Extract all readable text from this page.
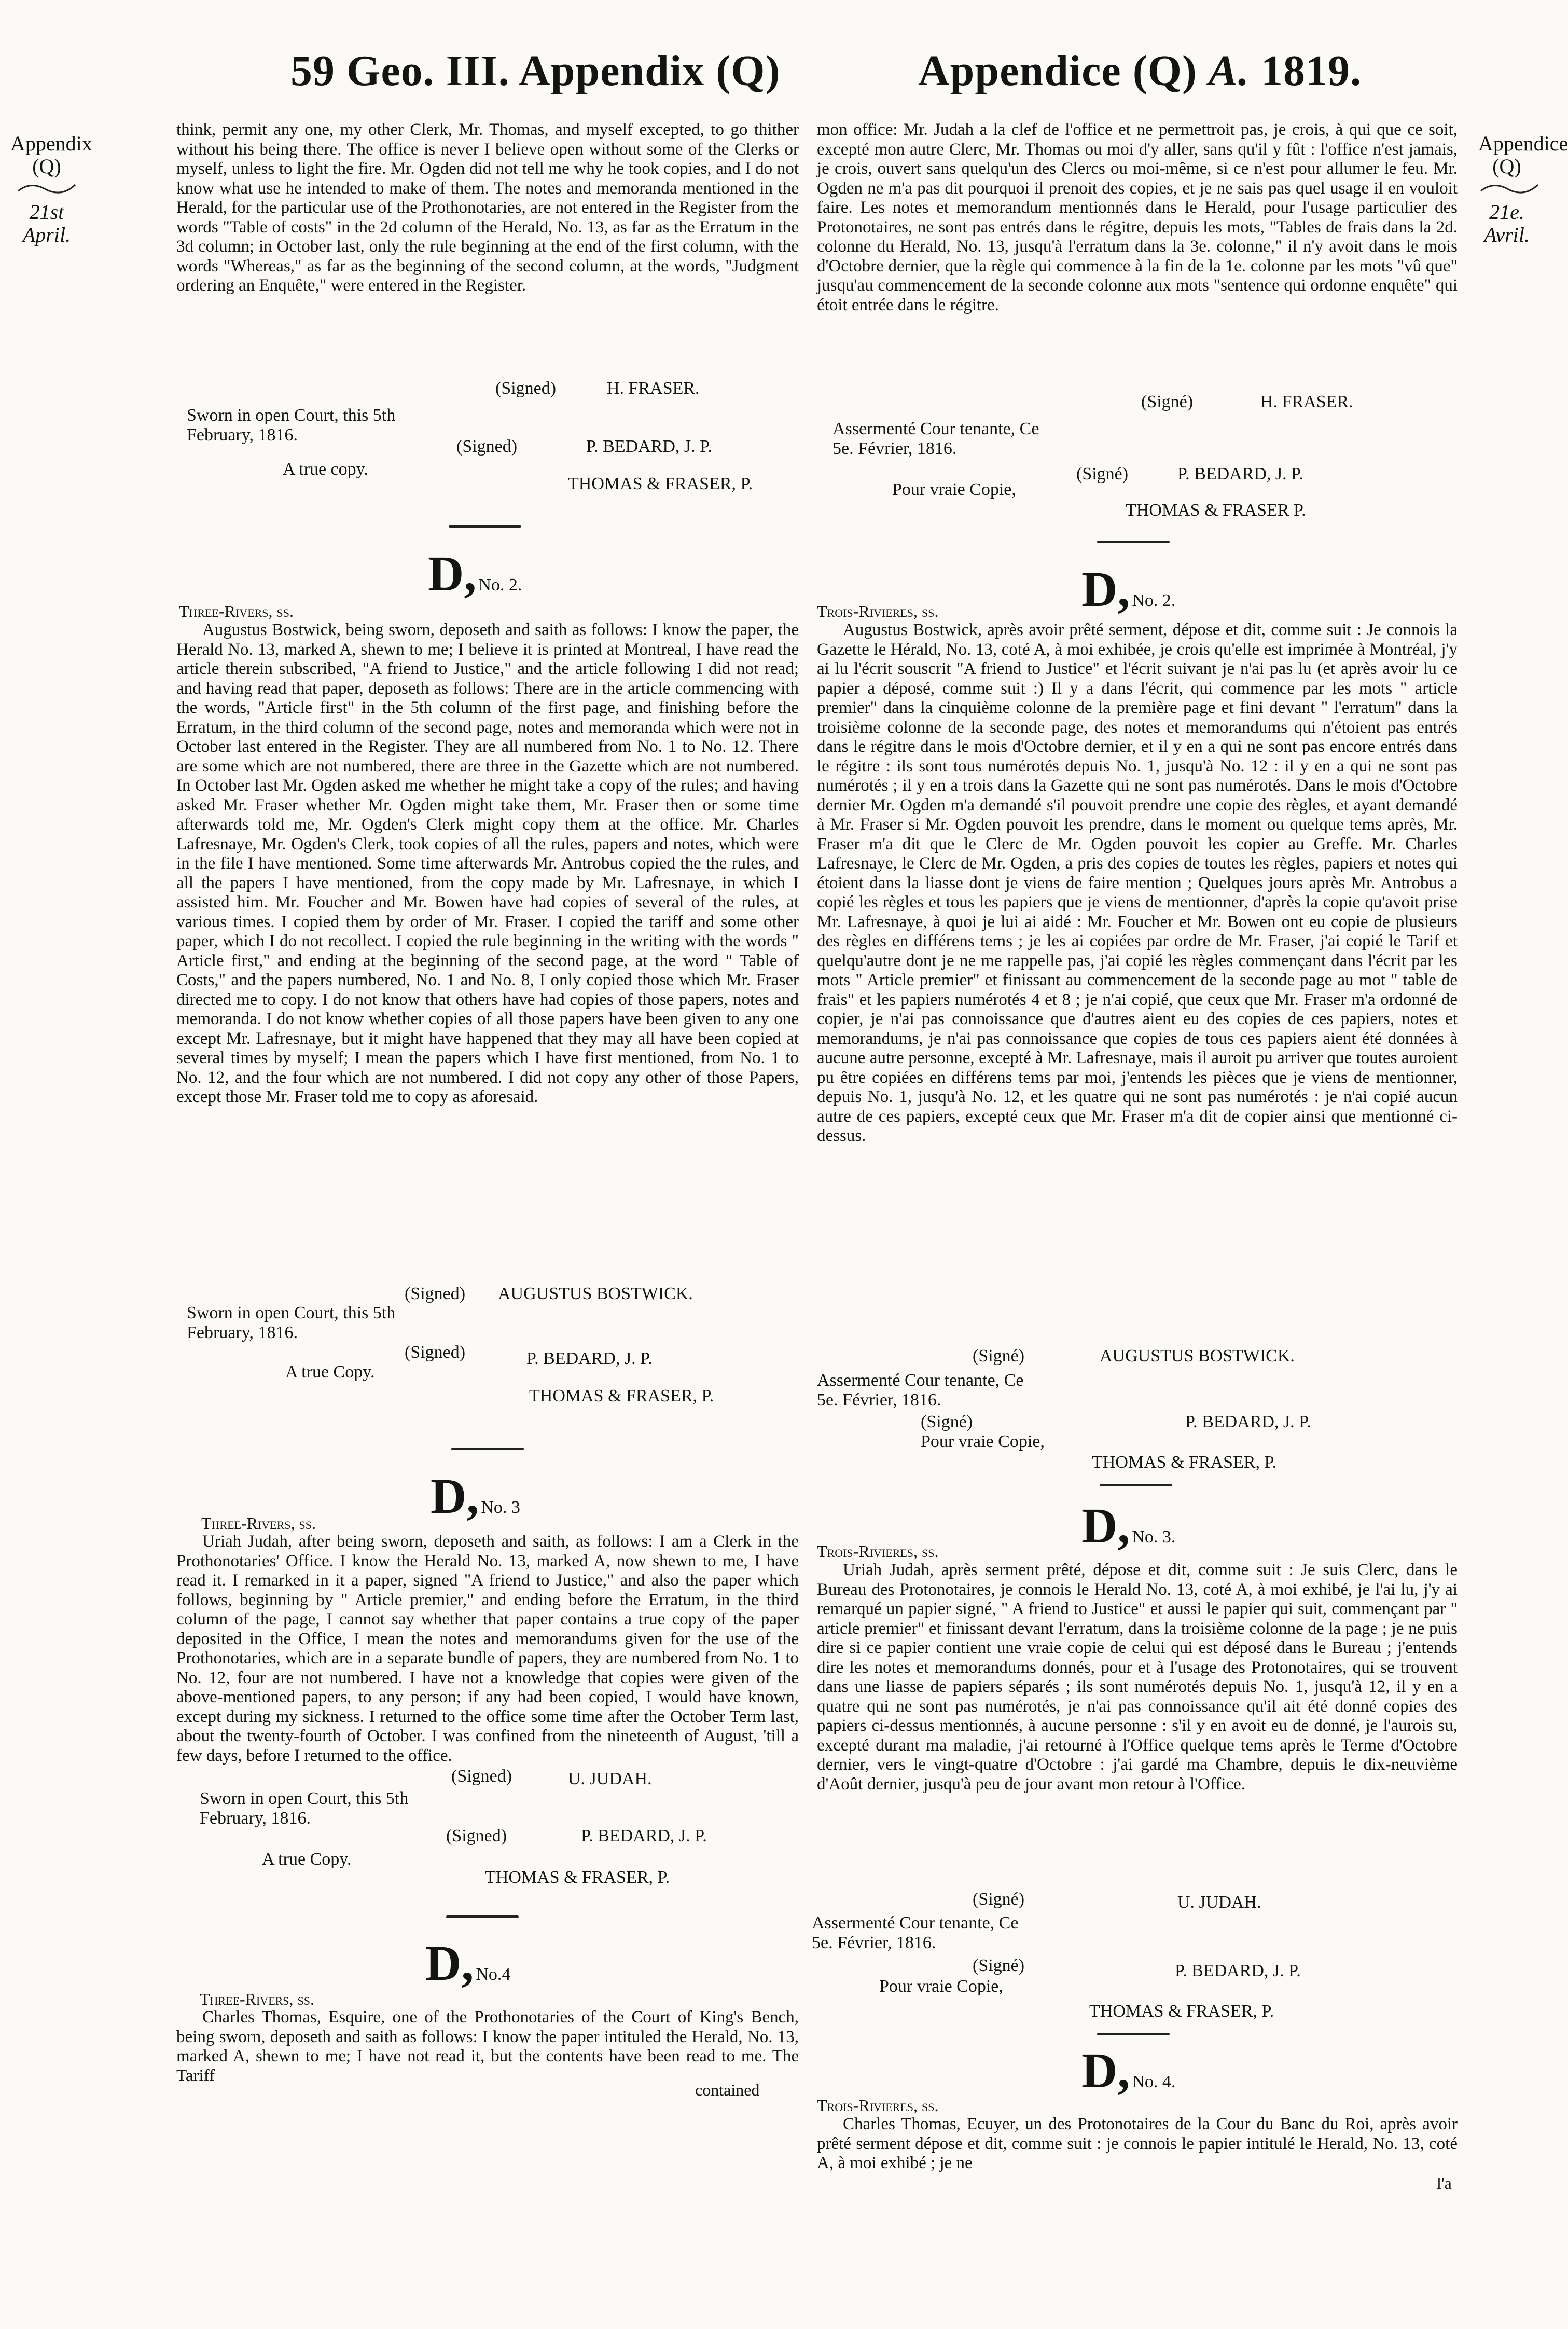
59 Geo. III. Appendix (Q)	Appendice (Q) A. 1819.
Appendix
(Q)
21st April.
Appendice
(Q)
21e. Avril.

think, permit any one, my other Clerk, Mr. Thomas, and myself excepted, to go thither without his being there. The office is never I believe open without some of the Clerks or myself, unless to light the fire. Mr. Ogden did not tell me why he took copies, and I do not know what use he intended to make of them. The notes and memoranda mentioned in the Herald, for the particular use of the Prothonotaries, are not entered in the Register from the words "Table of costs" in the 2d column of the Herald, No. 13, as far as the Erratum in the 3d column; in October last, only the rule beginning at the end of the first column, with the words "Whereas," as far as the beginning of the second column, at the words, "Judgment ordering an Enquête," were entered in the Register.

mon office: Mr. Judah a la clef de l'office et ne permettroit pas, je crois, à qui que ce soit, excepté mon autre Clerc, Mr. Thomas ou moi d'y aller, sans qu'il y fût : l'office n'est jamais, je crois, ouvert sans quelqu'un des Clercs ou moi-même, si ce n'est pour allumer le feu. Mr. Ogden ne m'a pas dit pourquoi il prenoit des copies, et je ne sais pas quel usage il en vouloit faire. Les notes et memorandum mentionnés dans le Herald, pour l'usage particulier des Protonotaires, ne sont pas entrés dans le régitre, depuis les mots, "Tables de frais dans la 2d. colonne du Herald, No. 13, jusqu'à l'erratum dans la 3e. colonne," il n'y avoit dans le mois d'Octobre dernier, que la règle qui commence à la fin de la 1e. colonne par les mots "vû que" jusqu'au commencement de la seconde colonne aux mots "sentence qui ordonne enquête" qui étoit entrée dans le régitre.

(Signed)	H. FRASER.
Sworn in open Court, this 5th February, 1816.
(Signed)	P. BEDARD, J. P.
A true copy.
THOMAS & FRASER, P.
(Signé)	H. FRASER.
Assermenté Cour tenante, Ce 5e. Février, 1816.
(Signé)	P. BEDARD, J. P.
Pour vraie Copie,
THOMAS & FRASER P.
D, No. 2.	D, No. 2.
Three-Rivers, ss.	Trois-Rivieres, ss.

Augustus Bostwick, being sworn, deposeth and saith as follows: I know the paper, the Herald No. 13, marked A, shewn to me; I believe it is printed at Montreal, I have read the article therein subscribed, "A friend to Justice," and the article following I did not read; and having read that paper, deposeth as follows: There are in the article commencing with the words, "Article first" in the 5th column of the first page, and finishing before the Erratum, in the third column of the second page, notes and memoranda which were not in October last entered in the Register. They are all numbered from No. 1 to No. 12. There are some which are not numbered, there are three in the Gazette which are not numbered. In October last Mr. Ogden asked me whether he might take a copy of the rules; and having asked Mr. Fraser whether Mr. Ogden might take them, Mr. Fraser then or some time afterwards told me, Mr. Ogden's Clerk might copy them at the office. Mr. Charles Lafresnaye, Mr. Ogden's Clerk, took copies of all the rules, papers and notes, which were in the file I have mentioned. Some time afterwards Mr. Antrobus copied the the rules, and all the papers I have mentioned, from the copy made by Mr. Lafresnaye, in which I assisted him. Mr. Foucher and Mr. Bowen have had copies of several of the rules, at various times. I copied them by order of Mr. Fraser. I copied the tariff and some other paper, which I do not recollect. I copied the rule beginning in the writing with the words " Article first," and ending at the beginning of the second page, at the word " Table of Costs," and the papers numbered, No. 1 and No. 8, I only copied those which Mr. Fraser directed me to copy. I do not know that others have had copies of those papers, notes and memoranda. I do not know whether copies of all those papers have been given to any one except Mr. Lafresnaye, but it might have happened that they may all have been copied at several times by myself; I mean the papers which I have first mentioned, from No. 1 to No. 12, and the four which are not numbered. I did not copy any other of those Papers, except those Mr. Fraser told me to copy as aforesaid.

Augustus Bostwick, après avoir prêté serment, dépose et dit, comme suit : Je connois la Gazette le Hérald, No. 13, coté A, à moi exhibée, je crois qu'elle est imprimée à Montréal, j'y ai lu l'écrit souscrit "A friend to Justice" et l'écrit suivant je n'ai pas lu (et après avoir lu ce papier a déposé, comme suit :) Il y a dans l'écrit, qui commence par les mots " article premier" dans la cinquième colonne de la première page et fini devant " l'erratum" dans la troisième colonne de la seconde page, des notes et memorandums qui n'étoient pas entrés dans le régitre dans le mois d'Octobre dernier, et il y en a qui ne sont pas encore entrés dans le régitre : ils sont tous numérotés depuis No. 1, jusqu'à No. 12 : il y en a qui ne sont pas numérotés ; il y en a trois dans la Gazette qui ne sont pas numérotés. Dans le mois d'Octobre dernier Mr. Ogden m'a demandé s'il pouvoit prendre une copie des règles, et ayant demandé à Mr. Fraser si Mr. Ogden pouvoit les prendre, dans le moment ou quelque tems après, Mr. Fraser m'a dit que le Clerc de Mr. Ogden pouvoit les copier au Greffe. Mr. Charles Lafresnaye, le Clerc de Mr. Ogden, a pris des copies de toutes les règles, papiers et notes qui étoient dans la liasse dont je viens de faire mention ; Quelques jours après Mr. Antrobus a copié les règles et tous les papiers que je viens de mentionner, d'après la copie qu'avoit prise Mr. Lafresnaye, à quoi je lui ai aidé : Mr. Foucher et Mr. Bowen ont eu copie de plusieurs des règles en différens tems ; je les ai copiées par ordre de Mr. Fraser, j'ai copié le Tarif et quelqu'autre dont je ne me rappelle pas, j'ai copié les règles commençant dans l'écrit par les mots " Article premier" et finissant au commencement de la seconde page au mot " table de frais" et les papiers numérotés 4 et 8 ; je n'ai copié, que ceux que Mr. Fraser m'a ordonné de copier, je n'ai pas connoissance que d'autres aient eu des copies de ces papiers, notes et memorandums, je n'ai pas connoissance que copies de tous ces papiers aient été données à aucune autre personne, excepté à Mr. Lafresnaye, mais il auroit pu arriver que toutes auroient pu être copiées en différens tems par moi, j'entends les pièces que je viens de mentionner, depuis No. 1, jusqu'à No. 12, et les quatre qui ne sont pas numérotés : je n'ai copié aucun autre de ces papiers, excepté ceux que Mr. Fraser m'a dit de copier ainsi que mentionné ci-dessus.

(Signed) AUGUSTUS BOSTWICK.
Sworn in open Court, this 5th February, 1816.
(Signed)	P. BEDARD, J. P.
A true Copy.
THOMAS & FRASER, P.
(Signé)	AUGUSTUS BOSTWICK.
Assermenté Cour tenante, Ce 5e. Février, 1816.
(Signé)	P. BEDARD, J. P.
Pour vraie Copie,
THOMAS & FRASER, P.
D, No. 3	D, No. 3.
Three-Rivers, ss.
Trois-Rivieres, ss.

Uriah Judah, after being sworn, deposeth and saith, as follows: I am a Clerk in the Prothonotaries' Office. I know the Herald No. 13, marked A, now shewn to me, I have read it. I remarked in it a paper, signed "A friend to Justice," and also the paper which follows, beginning by " Article premier," and ending before the Erratum, in the third column of the page, I cannot say whether that paper contains a true copy of the paper deposited in the Office, I mean the notes and memorandums given for the use of the Prothonotaries, which are in a separate bundle of papers, they are numbered from No. 1 to No. 12, four are not numbered. I have not a knowledge that copies were given of the above-mentioned papers, to any person; if any had been copied, I would have known, except during my sickness. I returned to the office some time after the October Term last, about the twenty-fourth of October. I was confined from the nineteenth of August, 'till a few days, before I returned to the office.

Uriah Judah, après serment prêté, dépose et dit, comme suit : Je suis Clerc, dans le Bureau des Protonotaires, je connois le Herald No. 13, coté A, à moi exhibé, je l'ai lu, j'y ai remarqué un papier signé, " A friend to Justice" et aussi le papier qui suit, commençant par " article premier" et finissant devant l'erratum, dans la troisième colonne de la page ; je ne puis dire si ce papier contient une vraie copie de celui qui est déposé dans le Bureau ; j'entends dire les notes et memorandums donnés, pour et à l'usage des Protonotaires, qui se trouvent dans une liasse de papiers séparés ; ils sont numérotés depuis No. 1, jusqu'à 12, il y en a quatre qui ne sont pas numérotés, je n'ai pas connoissance qu'il ait été donné copies des papiers ci-dessus mentionnés, à aucune personne : s'il y en avoit eu de donné, je l'aurois su, excepté durant ma maladie, j'ai retourné à l'Office quelque tems après le Terme d'Octobre dernier, vers le vingt-quatre d'Octobre : j'ai gardé ma Chambre, depuis le dix-neuvième d'Août dernier, jusqu'à peu de jour avant mon retour à l'Office.

(Signed)	U. JUDAH.
Sworn in open Court, this 5th February, 1816.
(Signed)	P. BEDARD, J. P.
A true Copy.
THOMAS & FRASER, P.
(Signé)	U. JUDAH.
Assermenté Cour tenante, Ce 5e. Février, 1816.
(Signé)	P. BEDARD, J. P.
Pour vraie Copie,
THOMAS & FRASER, P.
D, No.4
D, No. 4.
Three-Rivers, ss.
Trois-Rivieres, ss.

Charles Thomas, Esquire, one of the Prothonotaries of the Court of King's Bench, being sworn, deposeth and saith as follows: I know the paper intituled the Herald, No. 13, marked A, shewn to me; I have not read it, but the contents have been read to me. The Tariff

Charles Thomas, Ecuyer, un des Protonotaires de la Cour du Banc du Roi, après avoir prêté serment dépose et dit, comme suit : je connois le papier intitulé le Herald, No. 13, coté A, à moi exhibé ; je ne

contained
l'a
